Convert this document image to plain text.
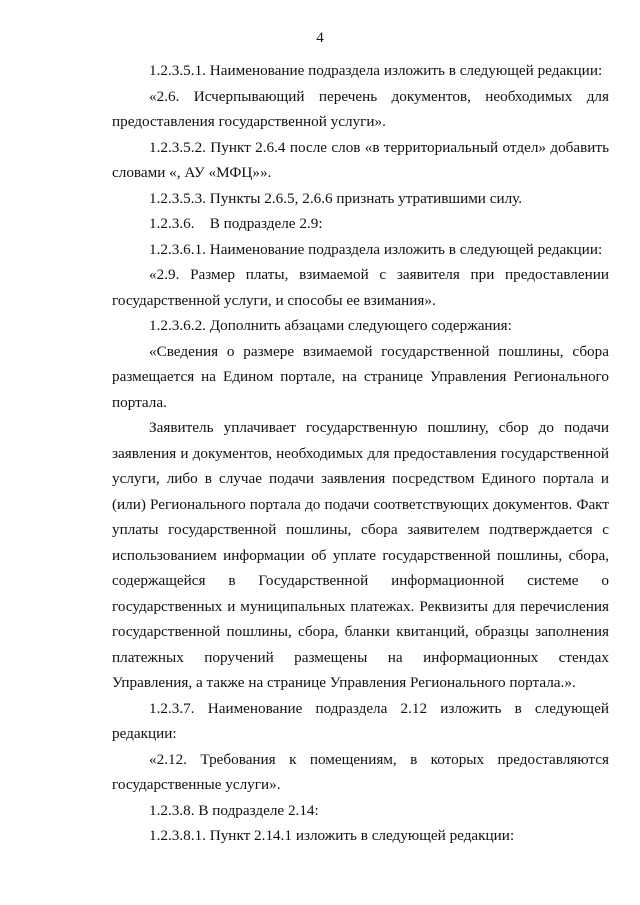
4

1.2.3.5.1. Наименование подраздела изложить в следующей редакции:

«2.6. Исчерпывающий перечень документов, необходимых для предоставления государственной услуги».

1.2.3.5.2. Пункт 2.6.4 после слов «в территориальный отдел» добавить словами «, АУ «МФЦ»».

1.2.3.5.3. Пункты 2.6.5, 2.6.6 признать утратившими силу.

1.2.3.6.    В подразделе 2.9:

1.2.3.6.1. Наименование подраздела изложить в следующей редакции:

«2.9. Размер платы, взимаемой с заявителя при предоставлении государственной услуги, и способы ее взимания».

1.2.3.6.2. Дополнить абзацами следующего содержания:

«Сведения о размере взимаемой государственной пошлины, сбора размещается на Едином портале, на странице Управления Регионального портала.

Заявитель уплачивает государственную пошлину, сбор до подачи заявления и документов, необходимых для предоставления государственной услуги, либо в случае подачи заявления посредством Единого портала и (или) Регионального портала до подачи соответствующих документов. Факт уплаты государственной пошлины, сбора заявителем подтверждается с использованием информации об уплате государственной пошлины, сбора, содержащейся в Государственной информационной системе о государственных и муниципальных платежах. Реквизиты для перечисления государственной пошлины, сбора, бланки квитанций, образцы заполнения платежных поручений размещены на информационных стендах Управления, а также на странице Управления Регионального портала.».

1.2.3.7. Наименование подраздела 2.12 изложить в следующей редакции:

«2.12. Требования к помещениям, в которых предоставляются государственные услуги».

1.2.3.8. В подразделе 2.14:

1.2.3.8.1. Пункт 2.14.1 изложить в следующей редакции:
